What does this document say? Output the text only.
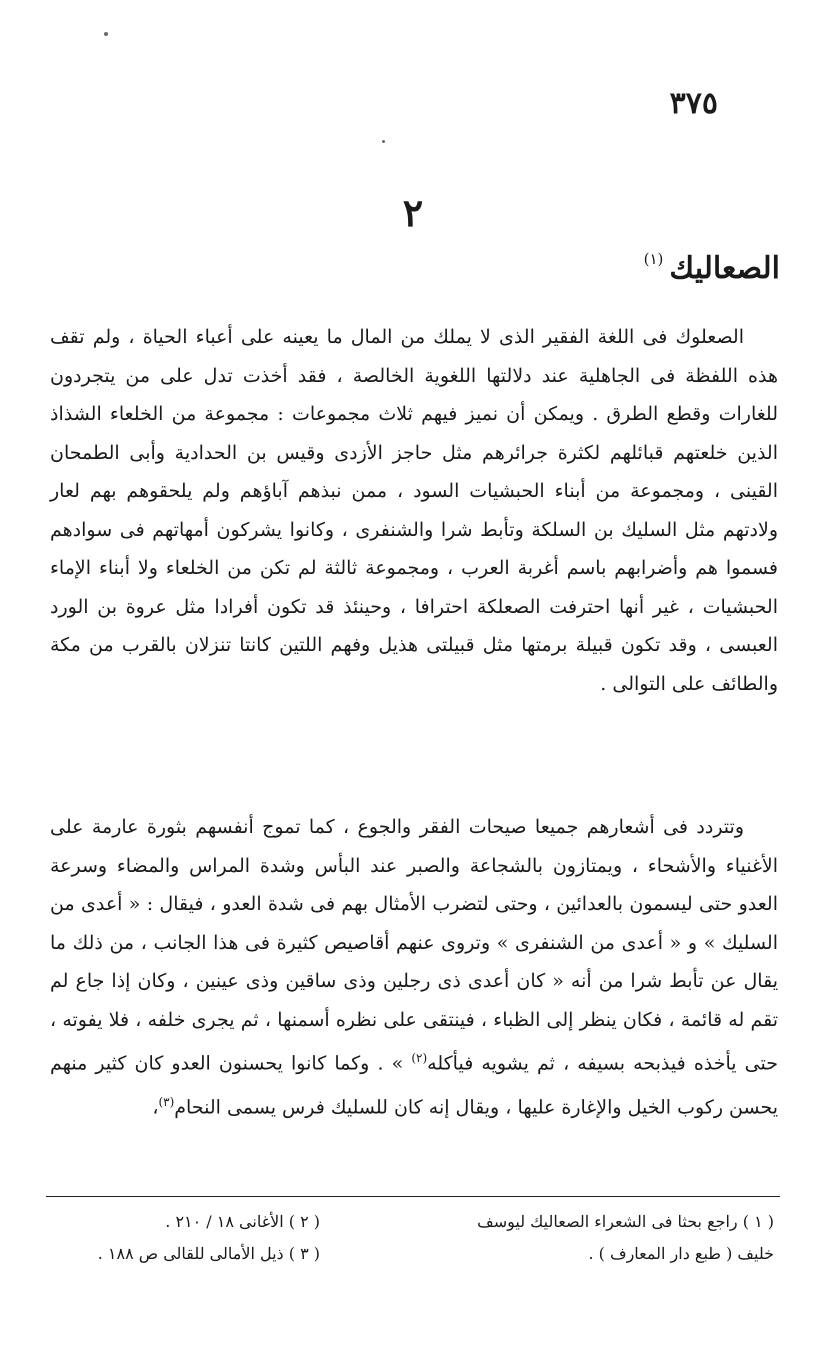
٣٧٥
٢
الصعاليك$^{(١)}$

الصعلوك فى اللغة الفقير الذى لا يملك من المال ما يعينه على أعباء الحياة ، ولم تقف هذه اللفظة فى الجاهلية عند دلالتها اللغوية الخالصة ، فقد أخذت تدل على من يتجردون للغارات وقطع الطرق . ويمكن أن نميز فيهم ثلاث مجموعات : مجموعة من الخلعاء الشذاذ الذين خلعتهم قبائلهم لكثرة جرائرهم مثل حاجز الأزدى وقيس بن الحدادية وأبى الطمحان القينى ، ومجموعة من أبناء الحبشيات السود ، ممن نبذهم آباؤهم ولم يلحقوهم بهم لعار ولادتهم مثل السليك بن السلكة وتأبط شرا والشنفرى ، وكانوا يشركون أمهاتهم فى سوادهم فسموا هم وأضرابهم باسم أغربة العرب ، ومجموعة ثالثة لم تكن من الخلعاء ولا أبناء الإماء الحبشيات ، غير أنها احترفت الصعلكة احترافا ، وحينئذ قد تكون أفرادا مثل عروة بن الورد العبسى ، وقد تكون قبيلة برمتها مثل قبيلتى هذيل وفهم اللتين كانتا تنزلان بالقرب من مكة والطائف على التوالى .

وتتردد فى أشعارهم جميعا صيحات الفقر والجوع ، كما تموج أنفسهم بثورة عارمة على الأغنياء والأشحاء ، ويمتازون بالشجاعة والصبر عند البأس وشدة المراس والمضاء وسرعة العدو حتى ليسمون بالعدائين ، وحتى لتضرب الأمثال بهم فى شدة العدو ، فيقال : « أعدى من السليك » و « أعدى من الشنفرى » وتروى عنهم أقاصيص كثيرة فى هذا الجانب ، من ذلك ما يقال عن تأبط شرا من أنه « كان أعدى ذى رجلين وذى ساقين وذى عينين ، وكان إذا جاع لم تقم له قائمة ، فكان ينظر إلى الظباء ، فينتقى على نظره أسمنها ، ثم يجرى خلفه ، فلا يفوته ، حتى يأخذه فيذبحه بسيفه ، ثم يشويه فيأكله$^{(٢)}$ » . وكما كانوا يحسنون العدو كان كثير منهم يحسن ركوب الخيل والإغارة عليها ، ويقال إنه كان للسليك فرس يسمى النحام$^{(٣)}$،

( ١ ) راجع بحثا فى الشعراء الصعاليك ليوسف
خليف ( طبع دار المعارف ) .
( ٢ ) الأغانى ١٨ / ٢١٠ .
( ٣ ) ذيل الأمالى للقالى ص ١٨٨ .
